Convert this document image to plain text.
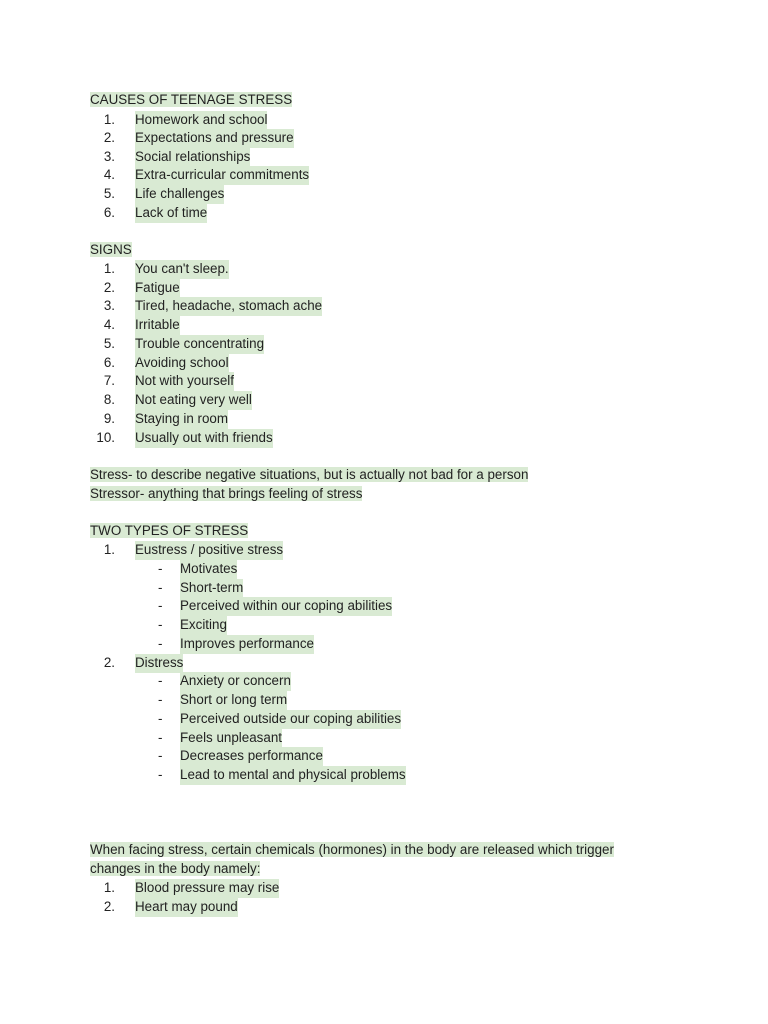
CAUSES OF TEENAGE STRESS
1. Homework and school
2. Expectations and pressure
3. Social relationships
4. Extra-curricular commitments
5. Life challenges
6. Lack of time
SIGNS
1. You can't sleep.
2. Fatigue
3. Tired, headache, stomach ache
4. Irritable
5. Trouble concentrating
6. Avoiding school
7. Not with yourself
8. Not eating very well
9. Staying in room
10. Usually out with friends
Stress- to describe negative situations, but is actually not bad for a person
Stressor- anything that brings feeling of stress
TWO TYPES OF STRESS
1. Eustress / positive stress
- Motivates
- Short-term
- Perceived within our coping abilities
- Exciting
- Improves performance
2. Distress
- Anxiety or concern
- Short or long term
- Perceived outside our coping abilities
- Feels unpleasant
- Decreases performance
- Lead to mental and physical problems
When facing stress, certain chemicals (hormones) in the body are released which trigger
changes in the body namely:
1. Blood pressure may rise
2. Heart may pound
